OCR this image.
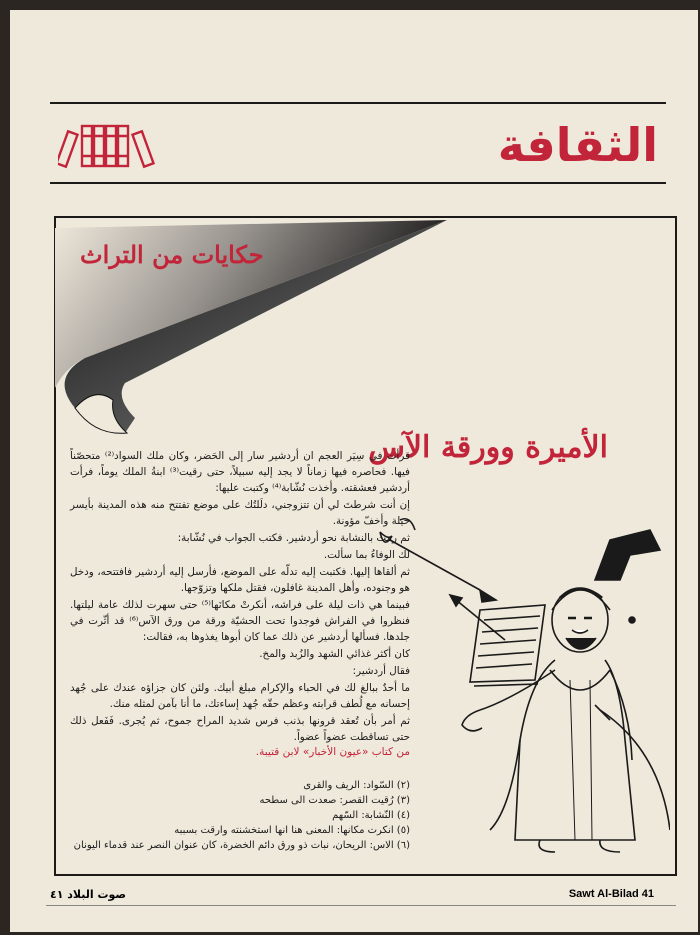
الثقافة
حكايات من التراث
الأميرة وورقة الآس

قرأت في سِيَر العجم ان أردشير سار إلى الحَضر، وكان ملك السواد⁽²⁾ متحصّناً فيها. فحاصره فيها زماناً لا يجد إليه سبيلاً، حتى رقيت⁽³⁾ ابنةُ الملك يوماً، فرأت أردشير فعشقته. وأخذت نُشّابة⁽⁴⁾ وكتبت عليها:

إن أنت شرطتَ لي أن تتزوجني، دلَلتُك على موضع تفتتح منه هذه المدينة بأيسر حيلة وأخفّ مؤونة.

ثم رمت بالنشابة نحو أردشير. فكتب الجواب في نُشّابة:

لك الوفاءُ بما سألت.

ثم ألقاها إليها. فكتبت إليه تدلّه على الموضع، فأرسل إليه أردشير فافتتحه، ودخل هو وجنوده، وأهل المدينة غافلون، فقتل ملكها وتزوّجها.

فبينما هي ذات ليلة على فراشه، أنكرتْ مكانَها⁽⁵⁾ حتى سهرت لذلك عامة ليلتها. فنظروا في الفراش فوجدوا تحت الحشيّة ورقة من ورق الآس⁽⁶⁾ قد أثّرت في جلدها. فسألها أردشير عن ذلك عما كان أبوها يغذوها به، فقالت:

كان أكثر غذائي الشهد والزُبد والمخ.

فقال أردشير:

ما أحدٌ ببالغ لك في الحباء والإكرام مبلغ أبيك. ولئن كان جزاؤه عندك على جُهد إحسانه مع لُطف قرابته وعظم حقّه جُهد إساءتك، ما أنا بآمن لمثله منك.

ثم أمر بأن تُعقد قرونها بذنب فرس شديد المراح جموح، ثم يُجرى. فَفَعل ذلك حتى تساقطت عضواً عضواً.

من كتاب «عيون الأخبار» لابن قتيبة.

(٢) السّواد: الريف والقرى

(٣) رُقيت القصر: صعدت الى سطحه

(٤) النّشابة: السّهم

(٥) انكرت مكانها: المعنى هنا انها استخشنته وارقت بسببه

(٦) الاس: الريحان، نبات ذو ورق دائم الخضرة، كان عنوان النصر عند قدماء اليونان

صوت البلاد ٤١	Sawt Al-Bilad 41
